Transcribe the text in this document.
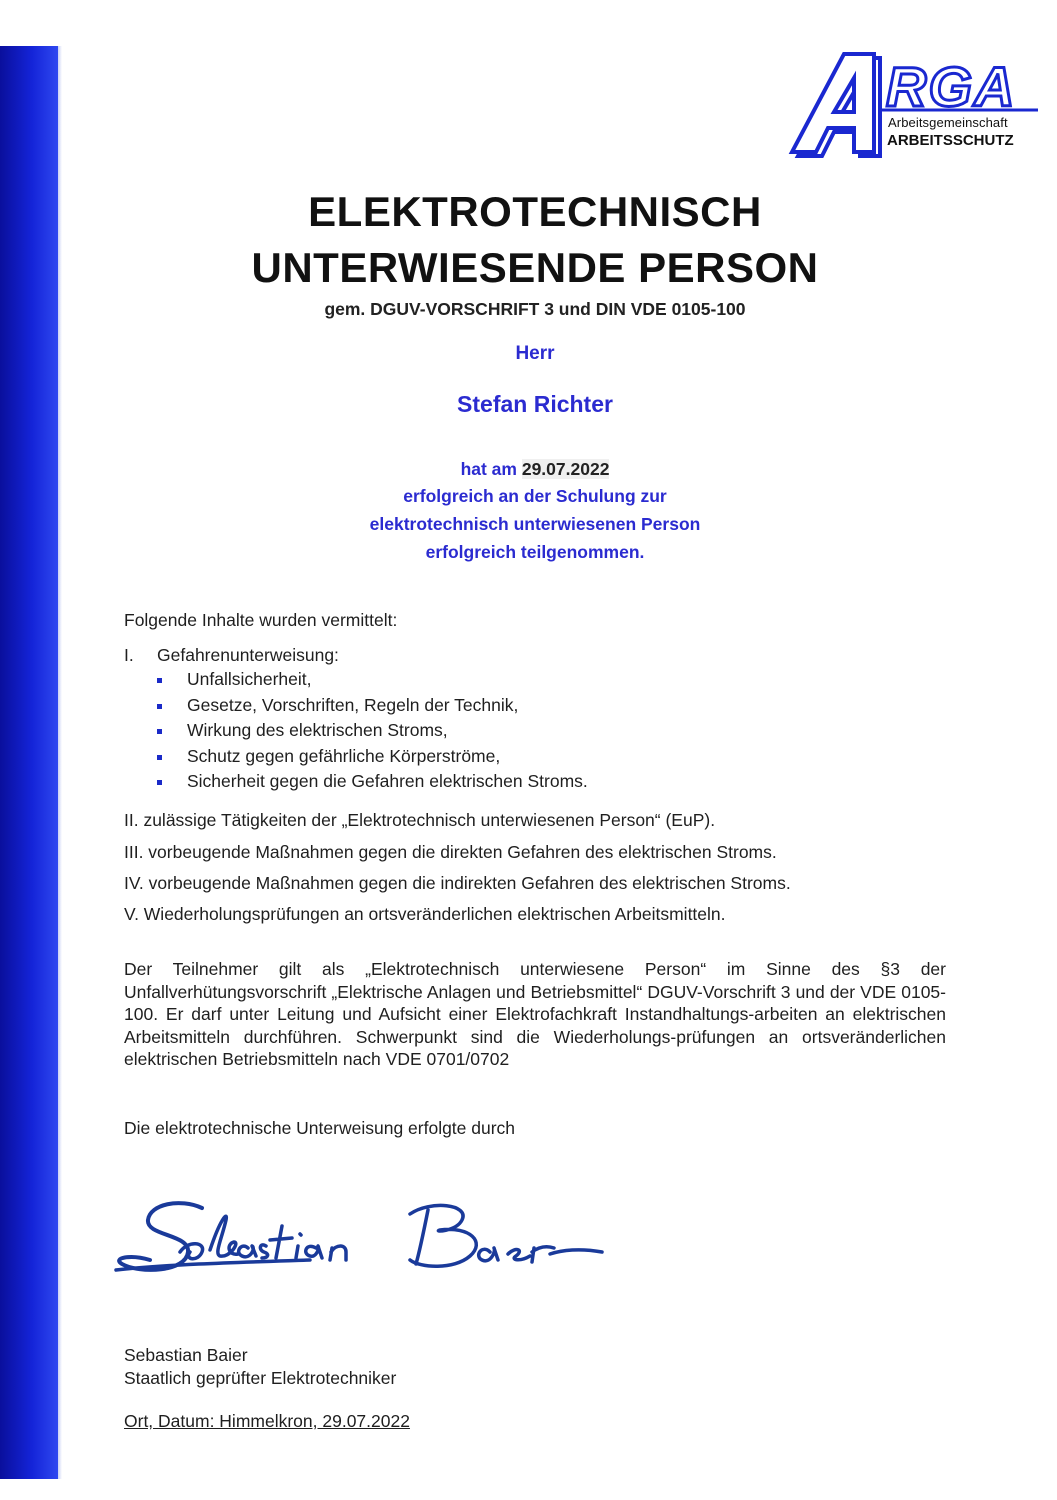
RGA
Arbeitsgemeinschaft
ARBEITSSCHUTZ
ELEKTROTECHNISCH
UNTERWIESENDE PERSON
gem. DGUV-VORSCHRIFT 3 und DIN VDE 0105-100
Herr
Stefan Richter
hat am 29.07.2022
erfolgreich an der Schulung zur
elektrotechnisch unterwiesenen Person
erfolgreich teilgenommen.
Folgende Inhalte wurden vermittelt:
I. Gefahrenunterweisung:
Unfallsicherheit,
Gesetze, Vorschriften, Regeln der Technik,
Wirkung des elektrischen Stroms,
Schutz gegen gefährliche Körperströme,
Sicherheit gegen die Gefahren elektrischen Stroms.
II. zulässige Tätigkeiten der „Elektrotechnisch unterwiesenen Person“ (EuP).
III. vorbeugende Maßnahmen gegen die direkten Gefahren des elektrischen Stroms.
IV. vorbeugende Maßnahmen gegen die indirekten Gefahren des elektrischen Stroms.
V. Wiederholungsprüfungen an ortsveränderlichen elektrischen Arbeitsmitteln.
Der Teilnehmer gilt als „Elektrotechnisch unterwiesene Person“ im Sinne des §3 der Unfallverhütungsvorschrift „Elektrische Anlagen und Betriebsmittel“ DGUV-Vorschrift 3 und der VDE 0105-100. Er darf unter Leitung und Aufsicht einer Elektrofachkraft Instandhaltungs-arbeiten an elektrischen Arbeitsmitteln durchführen. Schwerpunkt sind die Wiederholungs-prüfungen an ortsveränderlichen elektrischen Betriebsmitteln nach VDE 0701/0702
Die elektrotechnische Unterweisung erfolgte durch
Sebastian Baier
Sebastian Baier
Staatlich geprüfter Elektrotechniker
Ort, Datum: Himmelkron, 29.07.2022
